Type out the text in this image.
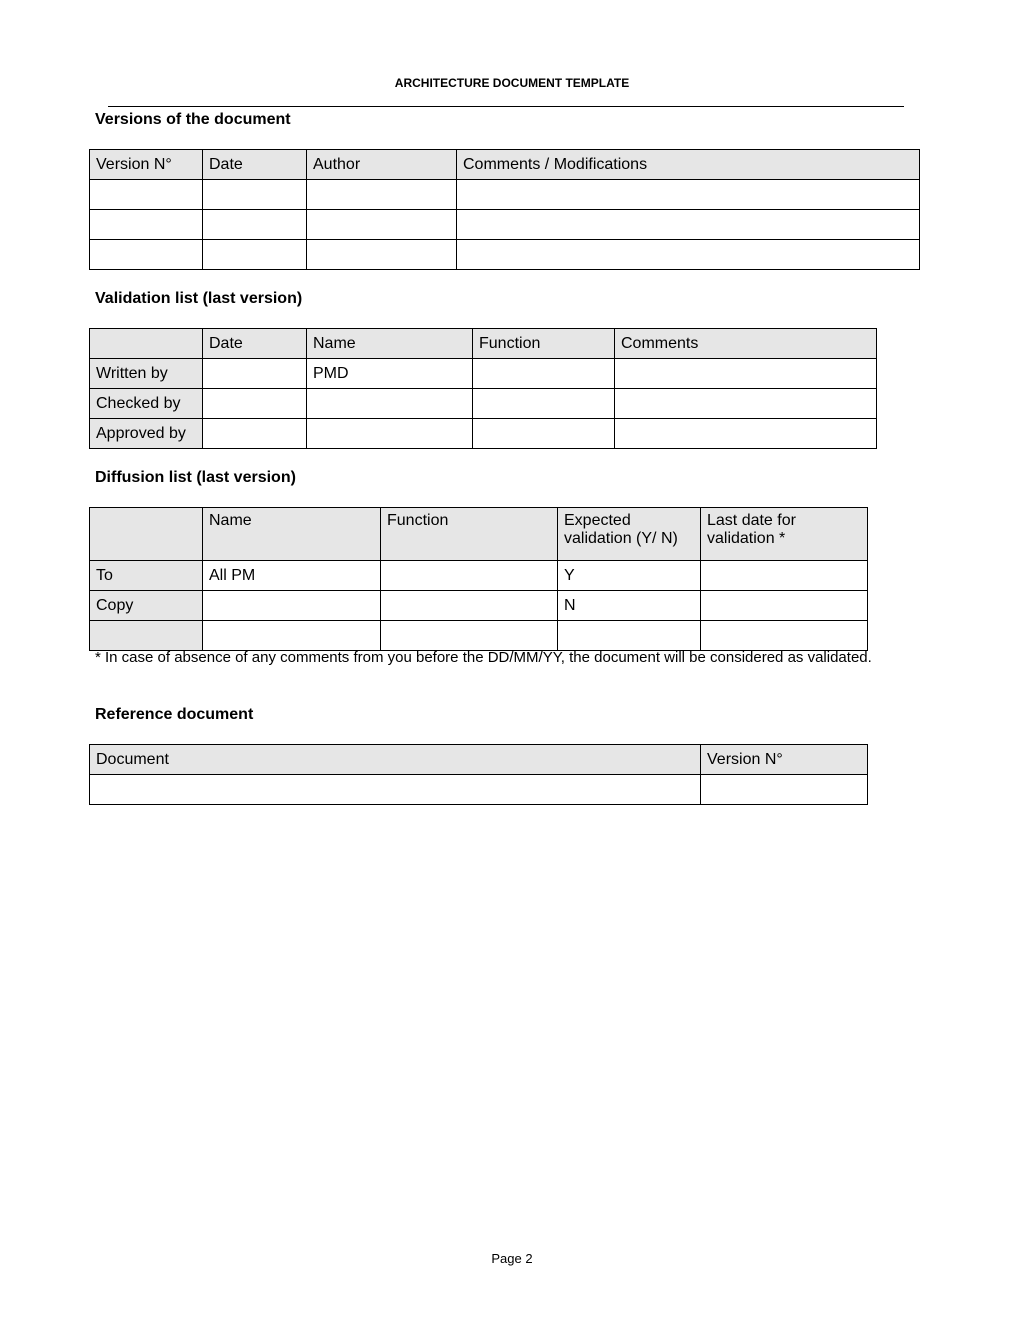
ARCHITECTURE DOCUMENT TEMPLATE
Versions of the document
Version N°	Date	Author	Comments / Modifications

Validation list (last version)
	Date	Name	Function	Comments
Written by		PMD		
Checked by				
Approved by				
Diffusion list (last version)
	Name	Function	Expected validation (Y/ N)	Last date for validation *
To	All PM		Y	
Copy			N	

* In case of absence of any comments from you before the DD/MM/YY, the document will be considered as validated.
Reference document
Document	Version N°

Page 2
